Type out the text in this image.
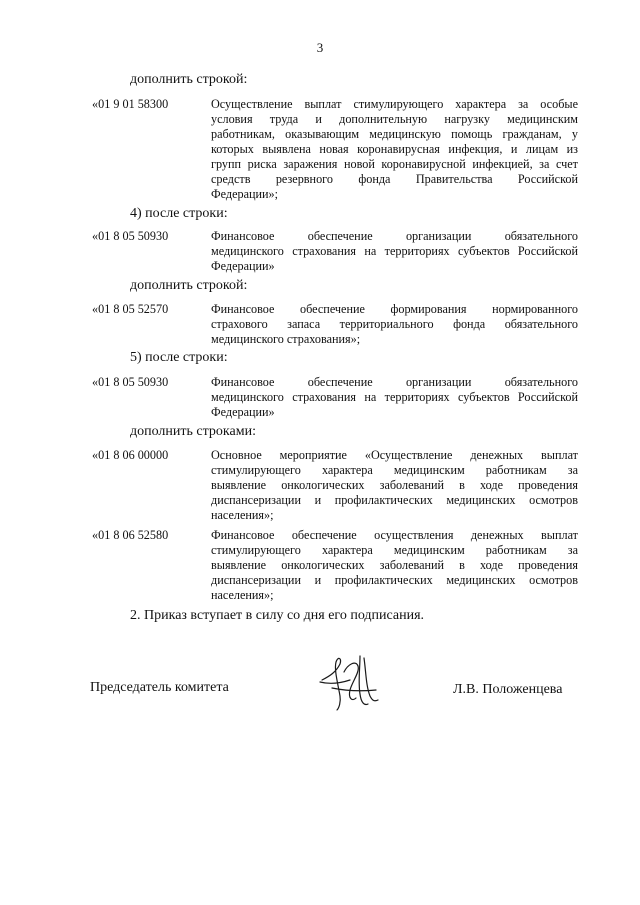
3
дополнить строкой:
«01 9 01 58300	Осуществление выплат стимулирующего характера за особые
условия труда и дополнительную нагрузку медицинским
работникам, оказывающим медицинскую помощь гражданам, у
которых выявлена новая коронавирусная инфекция, и лицам из
групп риска заражения новой коронавирусной инфекцией, за счет
средств резервного фонда Правительства Российской
Федерации»;
4) после строки:
«01 8 05 50930	Финансовое обеспечение организации обязательного
медицинского страхования на территориях субъектов Российской
Федерации»
дополнить строкой:
«01 8 05 52570	Финансовое обеспечение формирования нормированного
страхового запаса территориального фонда обязательного
медицинского страхования»;
5) после строки:
«01 8 05 50930	Финансовое обеспечение организации обязательного
медицинского страхования на территориях субъектов Российской
Федерации»
дополнить строками:
«01 8 06 00000	Основное мероприятие «Осуществление денежных выплат
стимулирующего характера медицинским работникам за
выявление онкологических заболеваний в ходе проведения
диспансеризации и профилактических медицинских осмотров
населения»;
«01 8 06 52580	Финансовое обеспечение осуществления денежных выплат
стимулирующего характера медицинским работникам за
выявление онкологических заболеваний в ходе проведения
диспансеризации и профилактических медицинских осмотров
населения»;
2. Приказ вступает в силу со дня его подписания.
Председатель комитета	Л.В. Положенцева
